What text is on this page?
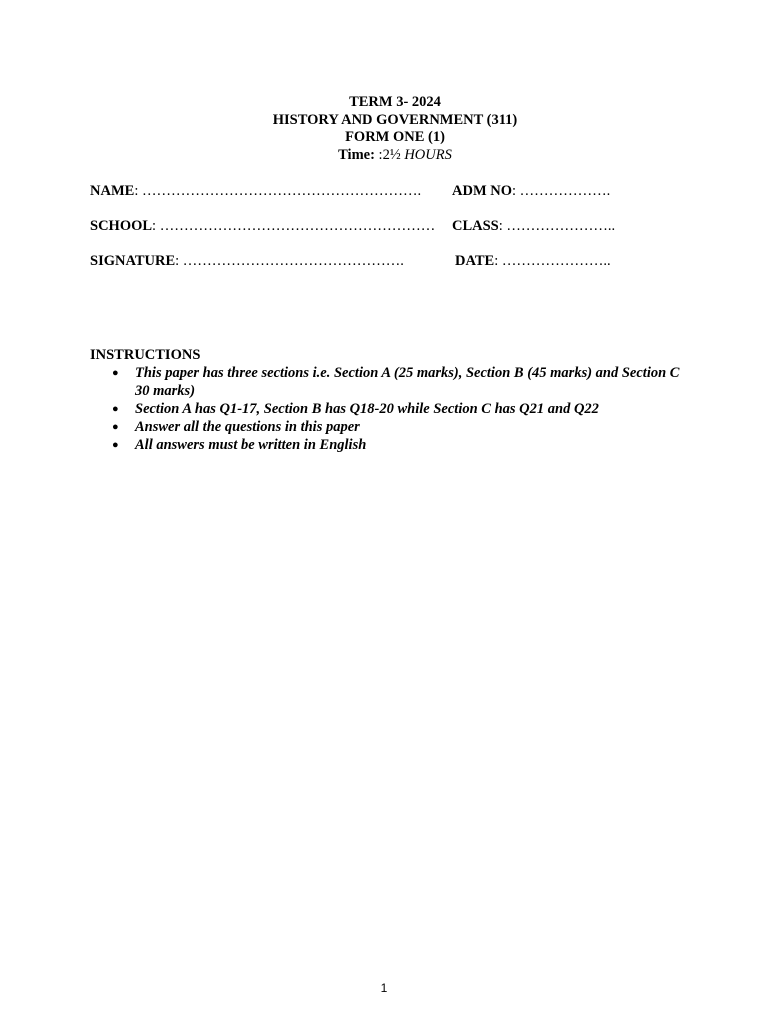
TERM 3- 2024
HISTORY AND GOVERNMENT (311)
FORM ONE (1)
Time: :2½ HOURS
NAME: …………………………………………………. ADM NO: ……………….
SCHOOL: ………………………………………………… CLASS: …………………..
SIGNATURE: ……………………………………….	DATE: …………………..
INSTRUCTIONS
● This paper has three sections i.e. Section A (25 marks), Section B (45 marks) and Section C 30 marks)
● Section A has Q1-17, Section B has Q18-20 while Section C has Q21 and Q22
● Answer all the questions in this paper
● All answers must be written in English
1
